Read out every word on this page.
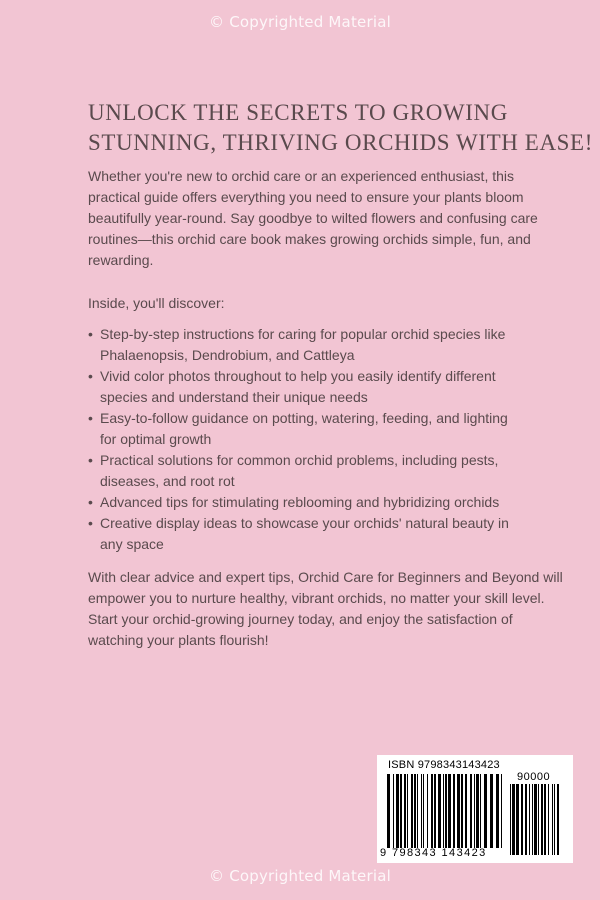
© Copyrighted Material
UNLOCK THE SECRETS TO GROWING
STUNNING, THRIVING ORCHIDS WITH EASE!

Whether you're new to orchid care or an experienced enthusiast, this practical guide offers everything you need to ensure your plants bloom beautifully year-round. Say goodbye to wilted flowers and confusing care routines—this orchid care book makes growing orchids simple, fun, and rewarding.

Inside, you'll discover:

• Step-by-step instructions for caring for popular orchid species like Phalaenopsis, Dendrobium, and Cattleya
• Vivid color photos throughout to help you easily identify different species and understand their unique needs
• Easy-to-follow guidance on potting, watering, feeding, and lighting for optimal growth
• Practical solutions for common orchid problems, including pests, diseases, and root rot
• Advanced tips for stimulating reblooming and hybridizing orchids
• Creative display ideas to showcase your orchids' natural beauty in any space

With clear advice and expert tips, Orchid Care for Beginners and Beyond will empower you to nurture healthy, vibrant orchids, no matter your skill level. Start your orchid-growing journey today, and enjoy the satisfaction of watching your plants flourish!

ISBN 9798343143423
90000
9 798343 143423
© Copyrighted Material
